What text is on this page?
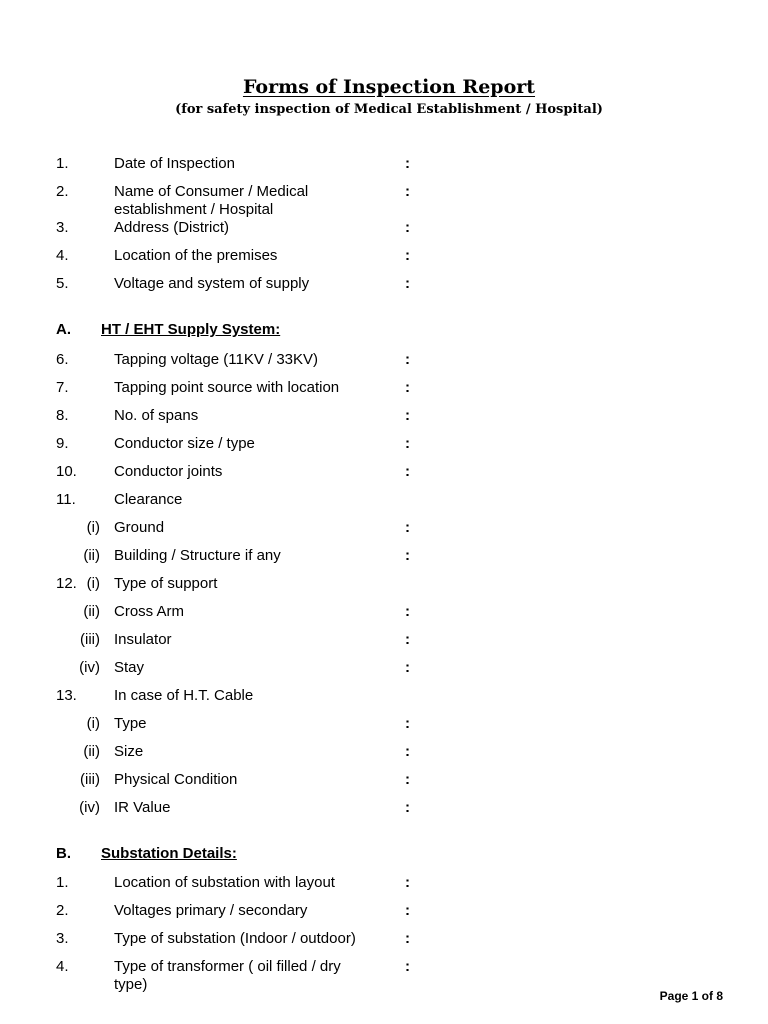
Forms of Inspection Report
(for safety inspection of Medical Establishment / Hospital)
1.	Date of Inspection	:
2.	Name of Consumer / Medical establishment / Hospital
:
3.	Address (District)	:
4.	Location of the premises	:
5.	Voltage and system of supply	:
A. HT / EHT Supply System:
6.	Tapping voltage (11KV / 33KV)	:
7.	Tapping point source with location	:
8.	No. of spans	:
9.	Conductor size / type	:
10. Conductor joints	:
11.	Clearance
(i) Ground	:
(ii) Building / Structure if any	:
12. (i) Type of support
(ii) Cross Arm	:
(iii) Insulator	:
(iv) Stay	:
13. In case of H.T. Cable
(i) Type	:
(ii) Size	:
(iii) Physical Condition	:
(iv) IR Value	:
B. Substation Details:
1.	Location of substation with layout	:
2.	Voltages primary / secondary	:
3.	Type of substation (Indoor / outdoor)	:
4.	Type of transformer ( oil filled / dry type)
:
Page 1 of 8
